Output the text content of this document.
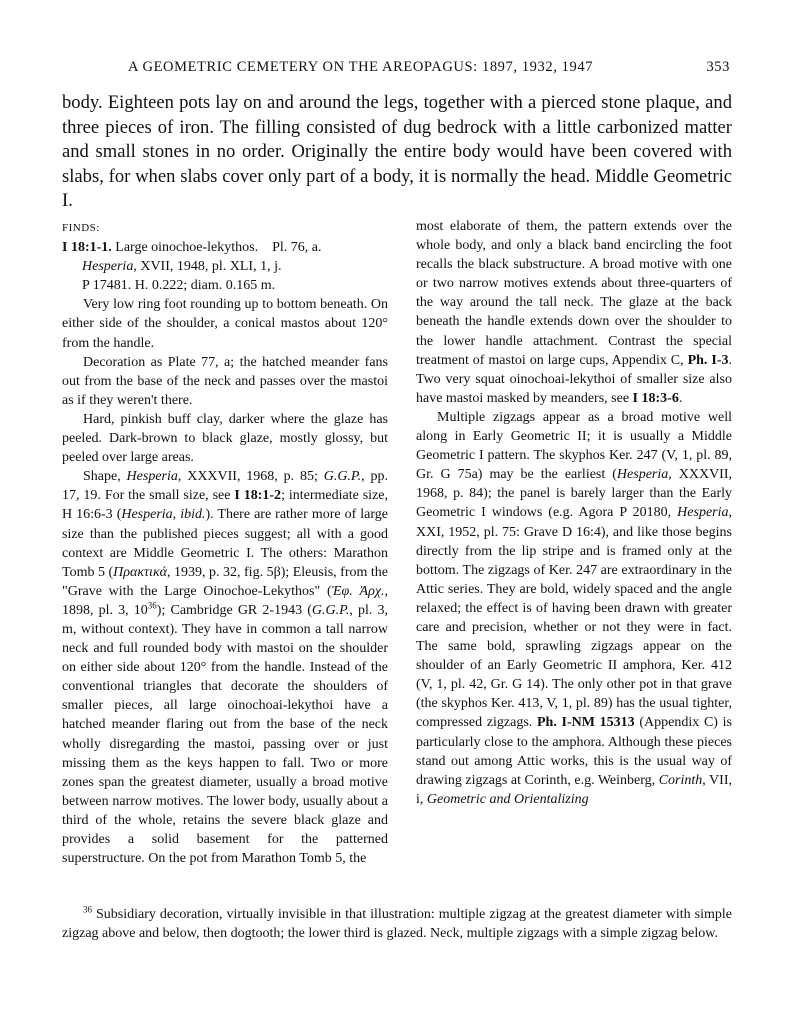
A GEOMETRIC CEMETERY ON THE AREOPAGUS: 1897, 1932, 1947	353

body. Eighteen pots lay on and around the legs, together with a pierced stone plaque, and three pieces of iron. The filling consisted of dug bedrock with a little carbonized matter and small stones in no order. Originally the entire body would have been covered with slabs, for when slabs cover only part of a body, it is normally the head. Middle Geometric I.

FINDS:

I 18:1-1. Large oinochoe-lekythos. Pl. 76, a.

Hesperia, XVII, 1948, pl. XLI, 1, j.

P 17481. H. 0.222; diam. 0.165 m.

Very low ring foot rounding up to bottom beneath. On either side of the shoulder, a conical mastos about 120° from the handle.

Decoration as Plate 77, a; the hatched meander fans out from the base of the neck and passes over the mastoi as if they weren't there.

Hard, pinkish buff clay, darker where the glaze has peeled. Dark-brown to black glaze, mostly glossy, but peeled over large areas.

Shape, Hesperia, XXXVII, 1968, p. 85; G.G.P., pp. 17, 19. For the small size, see I 18:1-2; intermediate size, H 16:6-3 (Hesperia, ibid.). There are rather more of large size than the published pieces suggest; all with a good context are Middle Geometric I. The others: Marathon Tomb 5 (Πρακτικά, 1939, p. 32, fig. 5β); Eleusis, from the "Grave with the Large Oinochoe-Lekythos" (Ἐφ. Ἀρχ., 1898, pl. 3, $10^{36}$); Cambridge GR 2-1943 (G.G.P., pl. 3, m, without context). They have in common a tall narrow neck and full rounded body with mastoi on the shoulder on either side about 120° from the handle. Instead of the conventional triangles that decorate the shoulders of smaller pieces, all large oinochoai-lekythoi have a hatched meander flaring out from the base of the neck wholly disregarding the mastoi, passing over or just missing them as the keys happen to fall. Two or more zones span the greatest diameter, usually a broad motive between narrow motives. The lower body, usually about a third of the whole, retains the severe black glaze and provides a solid basement for the patterned superstructure. On the pot from Marathon Tomb 5, the

most elaborate of them, the pattern extends over the whole body, and only a black band encircling the foot recalls the black substructure. A broad motive with one or two narrow motives extends about three-quarters of the way around the tall neck. The glaze at the back beneath the handle extends down over the shoulder to the lower handle attachment. Contrast the special treatment of mastoi on large cups, Appendix C, Ph. I-3. Two very squat oinochoai-lekythoi of smaller size also have mastoi masked by meanders, see I 18:3-6.

Multiple zigzags appear as a broad motive well along in Early Geometric II; it is usually a Middle Geometric I pattern. The skyphos Ker. 247 (V, 1, pl. 89, Gr. G 75a) may be the earliest (Hesperia, XXXVII, 1968, p. 84); the panel is barely larger than the Early Geometric I windows (e.g. Agora P 20180, Hesperia, XXI, 1952, pl. 75: Grave D 16:4), and like those begins directly from the lip stripe and is framed only at the bottom. The zigzags of Ker. 247 are extraordinary in the Attic series. They are bold, widely spaced and the angle relaxed; the effect is of having been drawn with greater care and precision, whether or not they were in fact. The same bold, sprawling zigzags appear on the shoulder of an Early Geometric II amphora, Ker. 412 (V, 1, pl. 42, Gr. G 14). The only other pot in that grave (the skyphos Ker. 413, V, 1, pl. 89) has the usual tighter, compressed zigzags. Ph. I-NM 15313 (Appendix C) is particularly close to the amphora. Although these pieces stand out among Attic works, this is the usual way of drawing zigzags at Corinth, e.g. Weinberg, Corinth, VII, i, Geometric and Orientalizing

$^{36}$ Subsidiary decoration, virtually invisible in that illustration: multiple zigzag at the greatest diameter with simple zigzag above and below, then dogtooth; the lower third is glazed. Neck, multiple zigzags with a simple zigzag below.
